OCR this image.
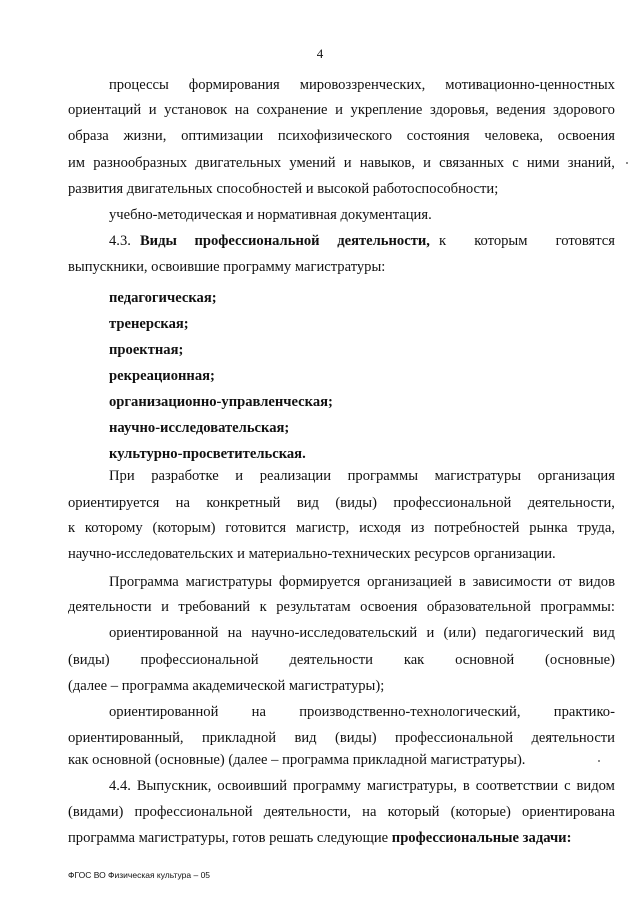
4
процессы формирования мировоззренческих, мотивационно-ценностных
ориентаций и установок на сохранение и укрепление здоровья, ведения здорового
образа жизни, оптимизации психофизического состояния человека, освоения
им разнообразных двигательных умений и навыков, и связанных с ними знаний,
развития двигательных способностей и высокой работоспособности;
учебно-методическая и нормативная документация.
4.3. Виды профессиональной деятельности, к которым готовятся
выпускники, освоившие программу магистратуры:
педагогическая;
тренерская;
проектная;
рекреационная;
организационно-управленческая;
научно-исследовательская;
культурно-просветительская.
При разработке и реализации программы магистратуры организация
ориентируется на конкретный вид (виды) профессиональной деятельности,
к которому (которым) готовится магистр, исходя из потребностей рынка труда,
научно-исследовательских и материально-технических ресурсов организации.
Программа магистратуры формируется организацией в зависимости от видов
деятельности и требований к результатам освоения образовательной программы:
ориентированной на научно-исследовательский и (или) педагогический вид
(виды) профессиональной деятельности как основной (основные)
(далее – программа академической магистратуры);
ориентированной на производственно-технологический, практико-
ориентированный, прикладной вид (виды) профессиональной деятельности
как основной (основные) (далее – программа прикладной магистратуры).
4.4. Выпускник, освоивший программу магистратуры, в соответствии с видом
(видами) профессиональной деятельности, на который (которые) ориентирована
программа магистратуры, готов решать следующие профессиональные задачи:
ФГОС ВО Физическая культура – 05
